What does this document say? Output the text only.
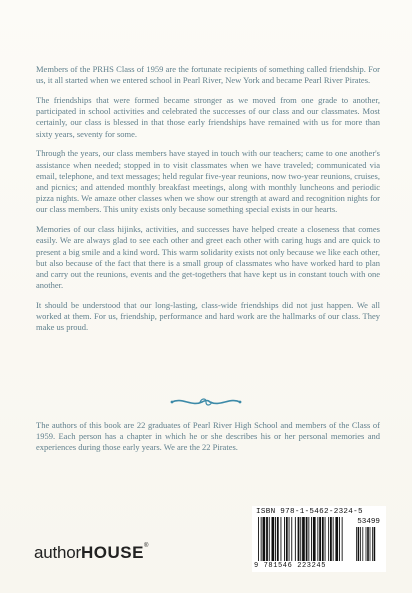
Members of the PRHS Class of 1959 are the fortunate recipients of something called friendship. For us, it all started when we entered school in Pearl River, New York and became Pearl River Pirates.

The friendships that were formed became stronger as we moved from one grade to another, participated in school activities and celebrated the successes of our class and our classmates. Most certainly, our class is blessed in that those early friendships have remained with us for more than sixty years, seventy for some.

Through the years, our class members have stayed in touch with our teachers; came to one another's assistance when needed; stopped in to visit classmates when we have traveled; communicated via email, telephone, and text messages; held regular five-year reunions, now two-year reunions, cruises, and picnics; and attended monthly breakfast meetings, along with monthly luncheons and periodic pizza nights. We amaze other classes when we show our strength at award and recognition nights for our class members. This unity exists only because something special exists in our hearts.

Memories of our class hijinks, activities, and successes have helped create a closeness that comes easily. We are always glad to see each other and greet each other with caring hugs and are quick to present a big smile and a kind word. This warm solidarity exists not only because we like each other, but also because of the fact that there is a small group of classmates who have worked hard to plan and carry out the reunions, events and the get-togethers that have kept us in constant touch with one another.

It should be understood that our long-lasting, class-wide friendships did not just happen. We all worked at them. For us, friendship, performance and hard work are the hallmarks of our class. They make us proud.

The authors of this book are 22 graduates of Pearl River High School and members of the Class of 1959. Each person has a chapter in which he or she describes his or her personal memories and experiences during those early years. We are the 22 Pirates.
authorHOUSE®
ISBN 978-1-5462-2324-5
53499
9 781546 223245
